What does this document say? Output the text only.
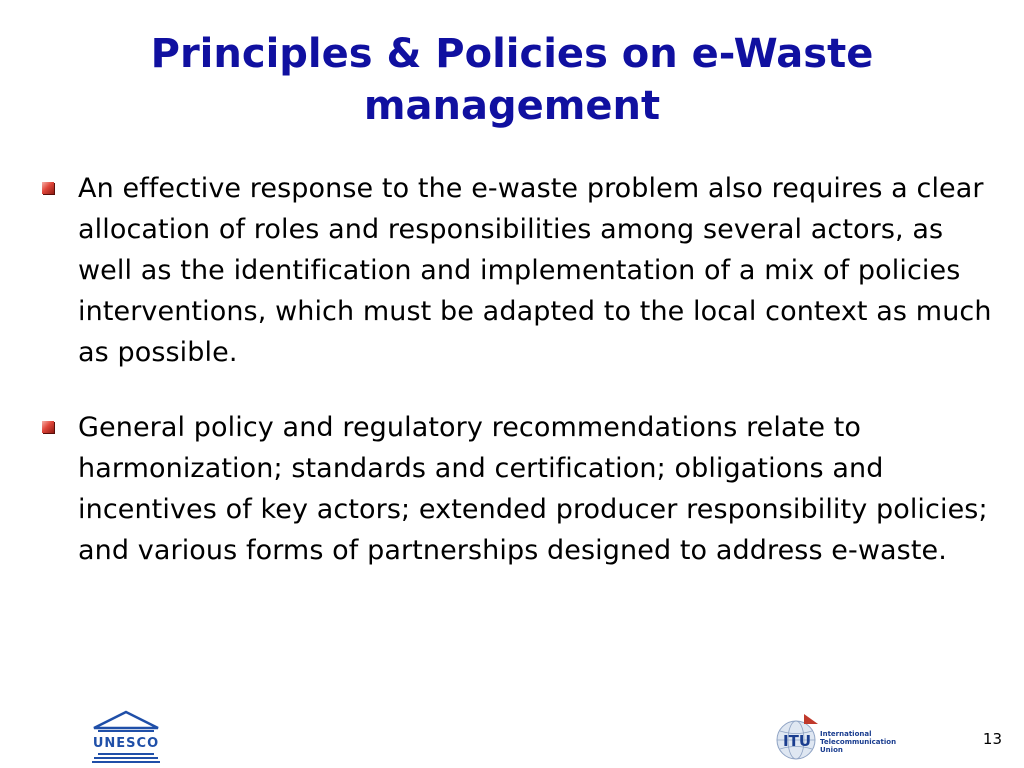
Principles & Policies on e-Waste management
An effective response to the e-waste problem also requires a clear allocation of roles and responsibilities among several actors, as well as the identification and implementation of a mix of policies interventions, which must be adapted to the local context as much as possible.
General policy and regulatory recommendations relate to harmonization; standards and certification; obligations and incentives of key actors; extended producer responsibility policies; and various forms of partnerships designed to address e-waste.
UNESCO	ITU International
Telecommunication
Union
13
